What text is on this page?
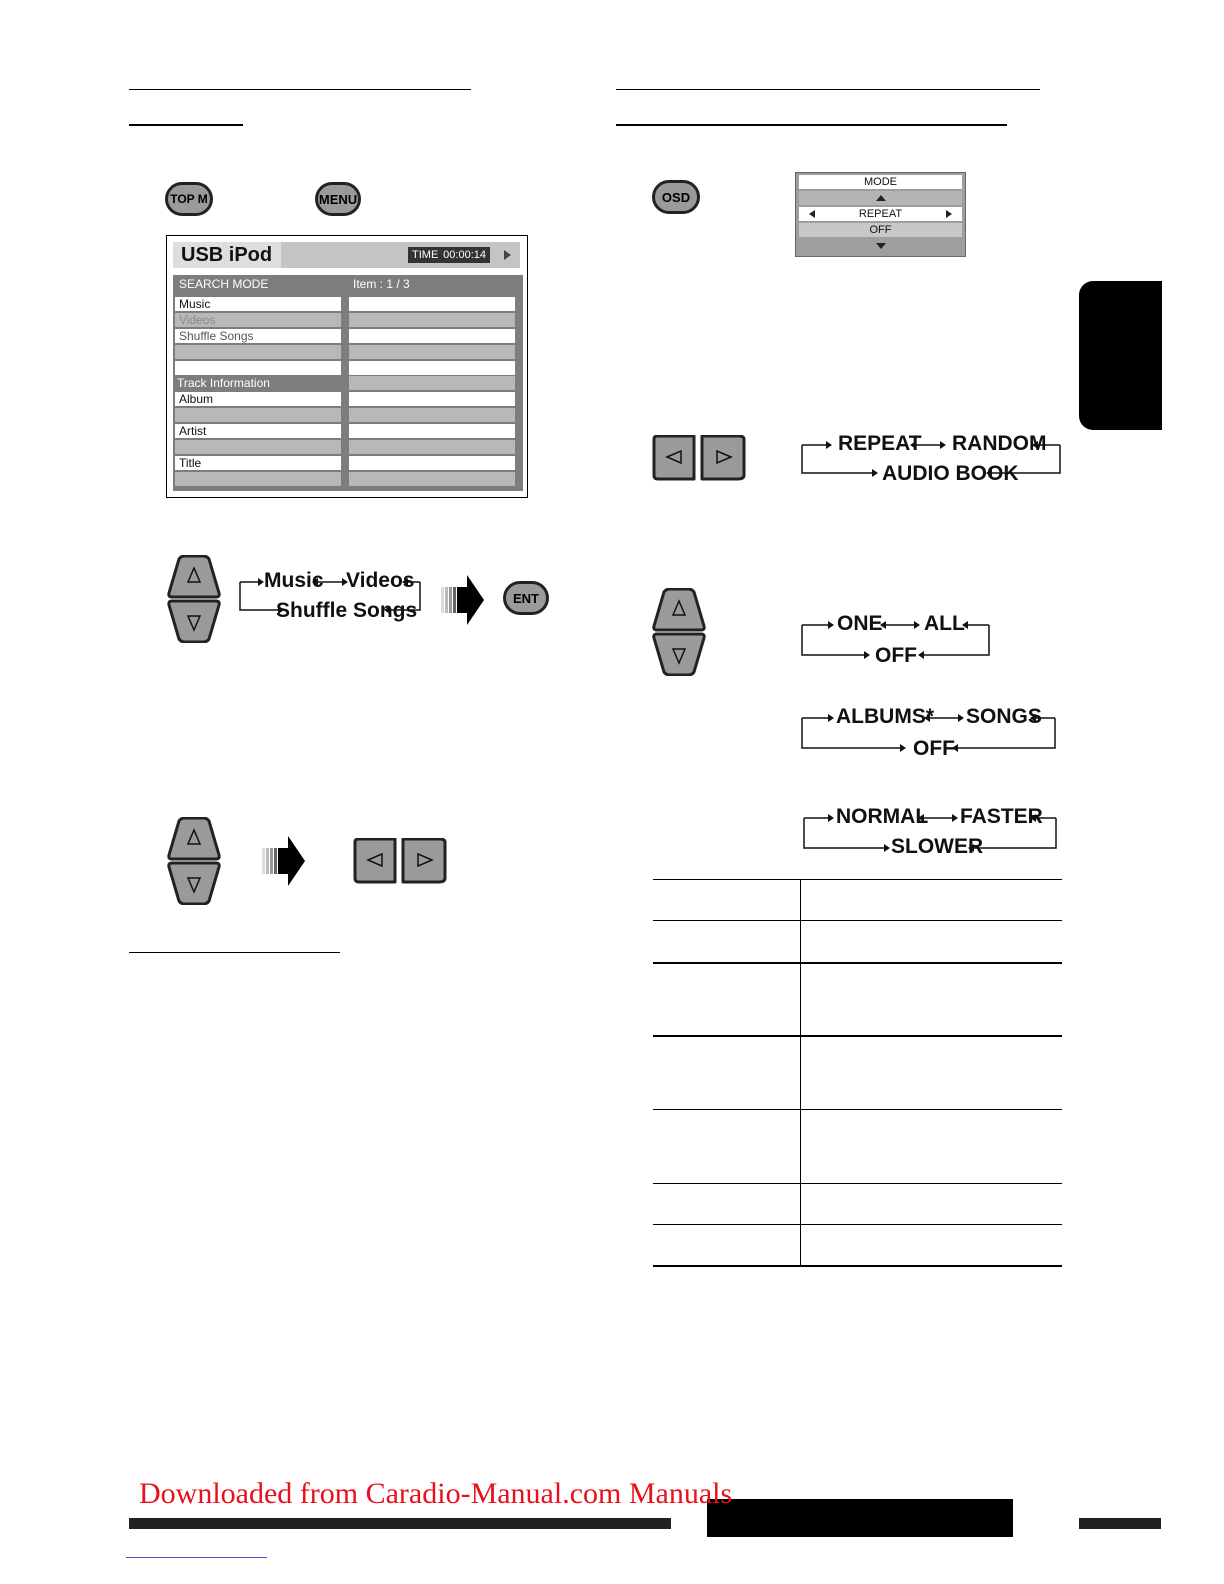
TOP M	MENU
USB iPod	TIME 00:00:14
SEARCH MODE	Item : 1 / 3
Music
Videos
Shuffle Songs
Track Information
Album
Artist
Title
Music Videos
Shuffle Songs
ENT
OSD
MODE
REPEAT
OFF
REPEAT RANDOM
AUDIO BOOK
ONE ALL
OFF
ALBUMS* SONGS
OFF
NORMAL FASTER
SLOWER
Downloaded from Caradio-Manual.com Manuals
